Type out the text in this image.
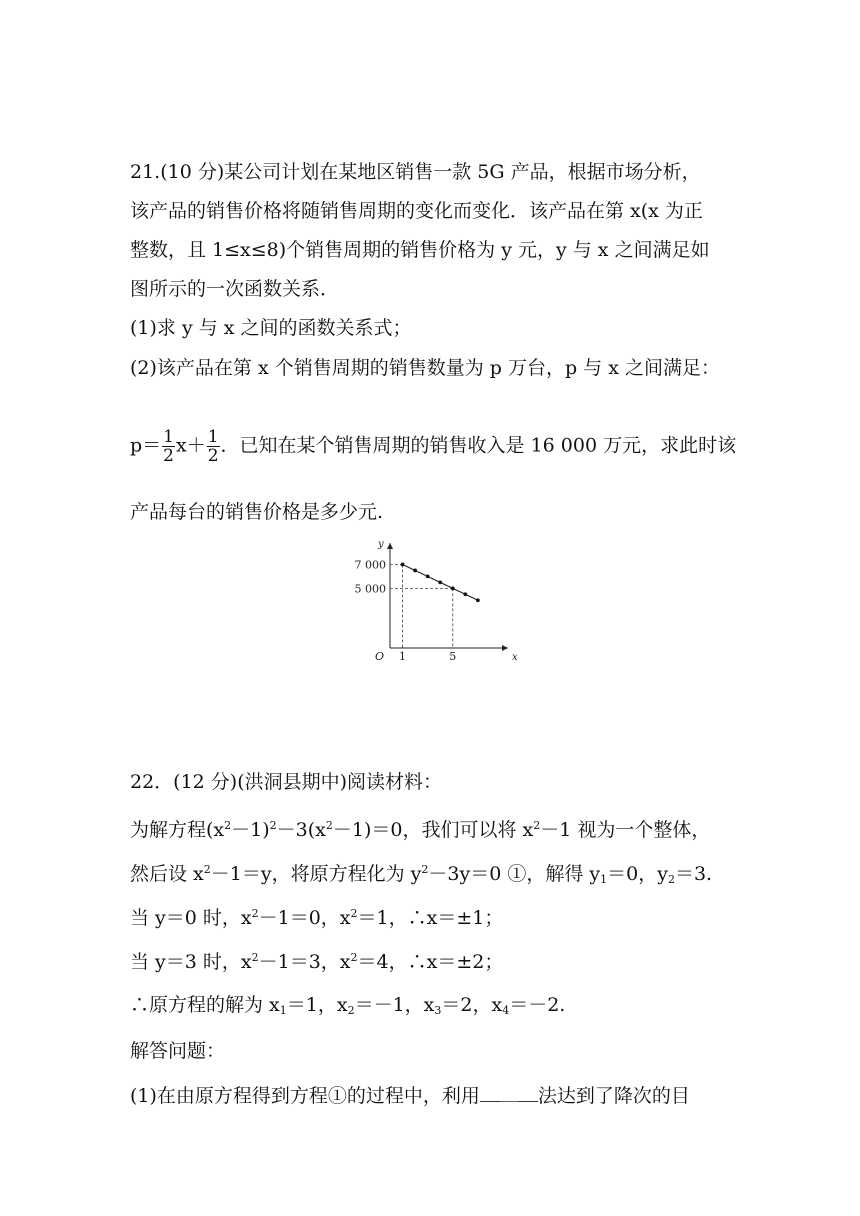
21.(10 分)某公司计划在某地区销售一款 5G 产品，根据市场分析，
该产品的销售价格将随销售周期的变化而变化．该产品在第 x(x 为正
整数，且 1≤x≤8)个销售周期的销售价格为 y 元，y 与 x 之间满足如
图所示的一次函数关系．
(1)求 y 与 x 之间的函数关系式；
(2)该产品在第 x 个销售周期的销售数量为 p 万台，p 与 x 之间满足：
$p= \frac{1}{2} x+ \frac{1}{2}$ ．已知在某个销售周期的销售收入是 16 000 万元，求此时该
产品每台的销售价格是多少元.
x
y
O 1	5
7 000
5 000
22．(12 分)(洪洞县期中)阅读材料：
为解方程$(x^2-1)^2-3(x^2-1)=0$，我们可以将 $x^2-1$ 视为一个整体，
然后设 $x^2-1=y$，将原方程化为 $y^2-3y=0$ ①，解得 $y_1=0$，$y_2=3$.
当 y＝0 时，$x^2-1=0$，$x^2=1$，∴x＝±1；
当 y＝3 时，$x^2-1=3$，$x^2=4$，∴x＝±2；
∴原方程的解为 $x_1=1$，$x_2=-1$，$x_3=2$，$x_4=-2$.
解答问题：
(1)在由原方程得到方程①的过程中，利用	法达到了降次的目
